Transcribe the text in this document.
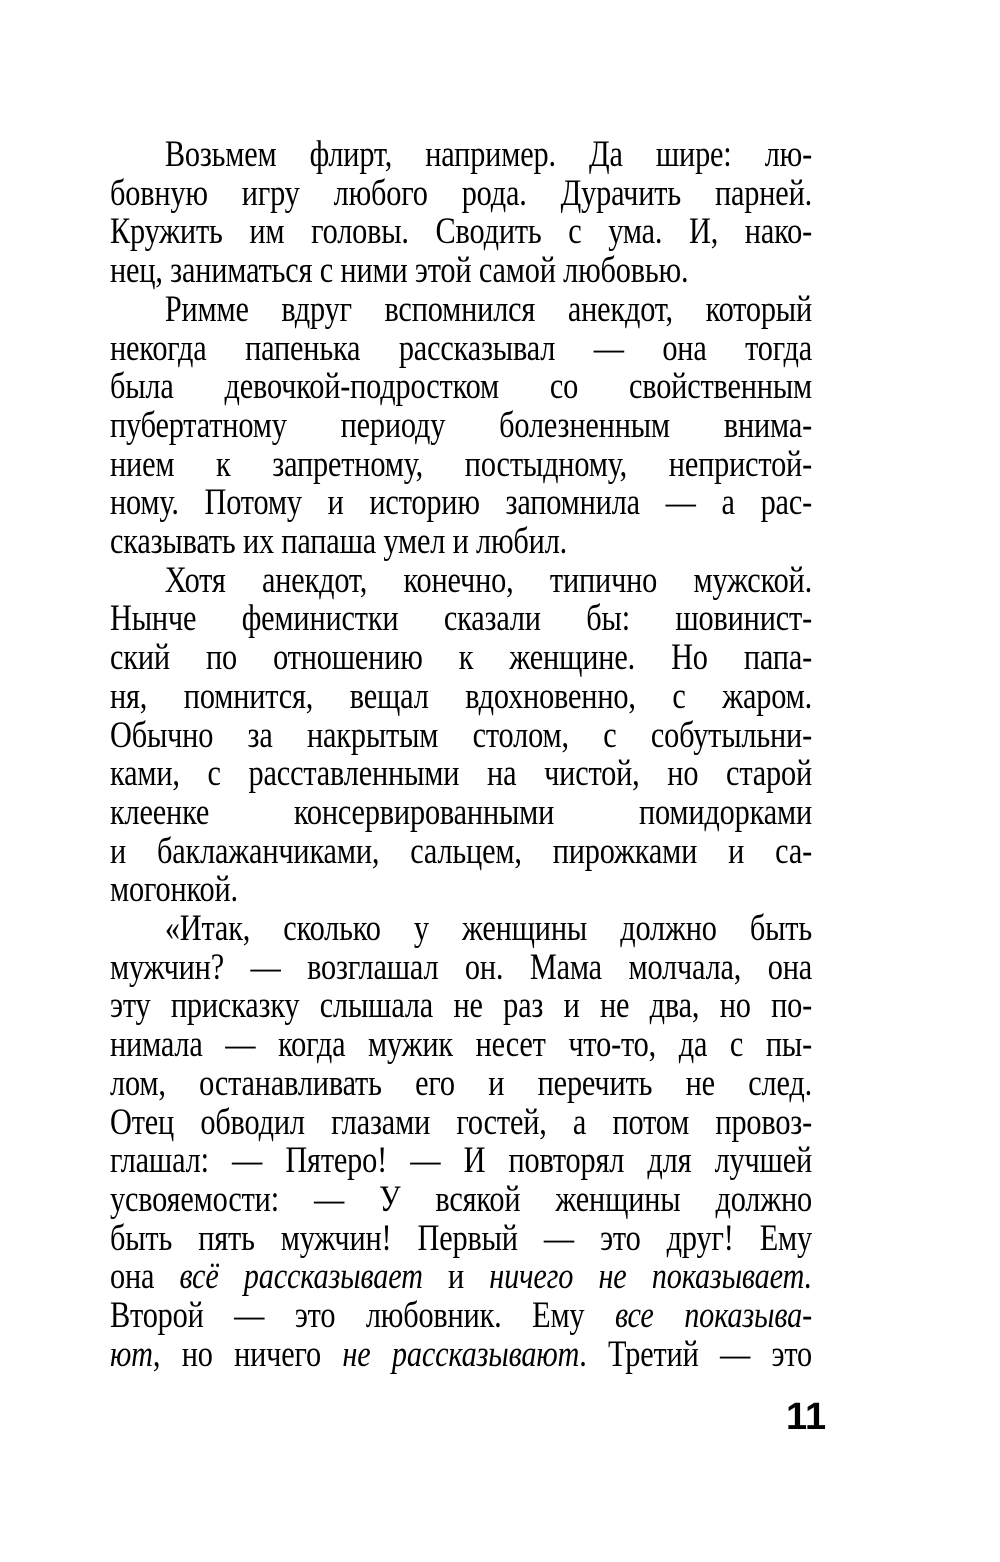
Возьмем флирт, например. Да шире: лю-
бовную игру любого рода. Дурачить парней.
Кружить им головы. Сводить с ума. И, нако-
нец, заниматься с ними этой самой любовью.
Римме вдруг вспомнился анекдот, который
некогда папенька рассказывал — она тогда
была девочкой-подростком со свойственным
пубертатному периоду болезненным внима-
нием к запретному, постыдному, непристой-
ному. Потому и историю запомнила — а рас-
сказывать их папаша умел и любил.
Хотя анекдот, конечно, типично мужской.
Нынче феминистки сказали бы: шовинист-
ский по отношению к женщине. Но папа-
ня, помнится, вещал вдохновенно, с жаром.
Обычно за накрытым столом, с собутыльни-
ками, с расставленными на чистой, но старой
клеенке консервированными помидорками
и баклажанчиками, сальцем, пирожками и са-
могонкой.
«Итак, сколько у женщины должно быть
мужчин? — возглашал он. Мама молчала, она
эту присказку слышала не раз и не два, но по-
нимала — когда мужик несет что-то, да с пы-
лом, останавливать его и перечить не след.
Отец обводил глазами гостей, а потом провоз-
глашал: — Пятеро! — И повторял для лучшей
усвояемости: — У всякой женщины должно
быть пять мужчин! Первый — это друг! Ему
она всё рассказывает и ничего не показывает.
Второй — это любовник. Ему все показыва-
ют, но ничего не рассказывают. Третий — это
11
